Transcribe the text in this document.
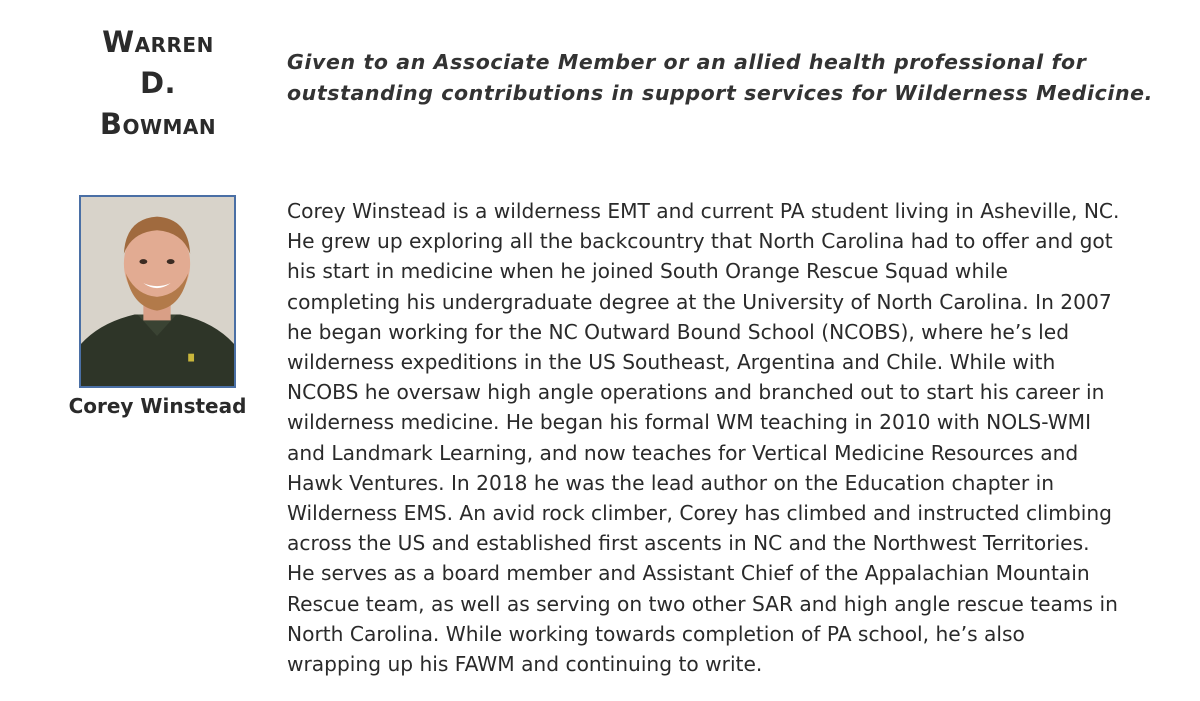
Warren
D.
Bowman
Given to an Associate Member or an allied health professional for
outstanding contributions in support services for Wilderness Medicine.
Corey Winstead
Corey Winstead is a wilderness EMT and current PA student living in Asheville, NC.
He grew up exploring all the backcountry that North Carolina had to offer and got
his start in medicine when he joined South Orange Rescue Squad while
completing his undergraduate degree at the University of North Carolina. In 2007
he began working for the NC Outward Bound School (NCOBS), where he’s led
wilderness expeditions in the US Southeast, Argentina and Chile. While with
NCOBS he oversaw high angle operations and branched out to start his career in
wilderness medicine. He began his formal WM teaching in 2010 with NOLS-WMI
and Landmark Learning, and now teaches for Vertical Medicine Resources and
Hawk Ventures. In 2018 he was the lead author on the Education chapter in
Wilderness EMS. An avid rock climber, Corey has climbed and instructed climbing
across the US and established first ascents in NC and the Northwest Territories.
He serves as a board member and Assistant Chief of the Appalachian Mountain
Rescue team, as well as serving on two other SAR and high angle rescue teams in
North Carolina. While working towards completion of PA school, he’s also
wrapping up his FAWM and continuing to write.
